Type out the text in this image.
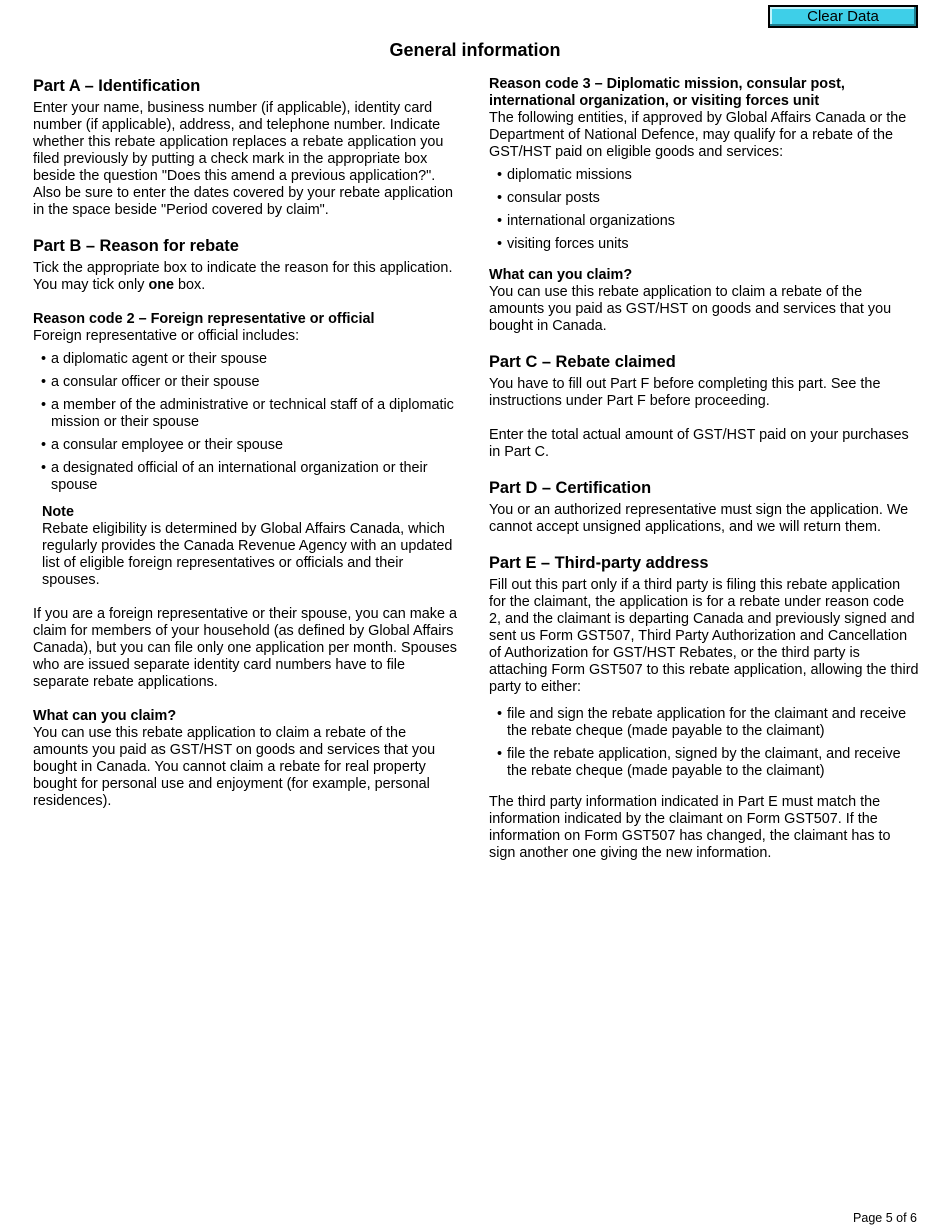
Clear Data
General information
Part A – Identification

Enter your name, business number (if applicable), identity card number (if applicable), address, and telephone number. Indicate whether this rebate application replaces a rebate application you filed previously by putting a check mark in the appropriate box beside the question "Does this amend a previous application?". Also be sure to enter the dates covered by your rebate application in the space beside "Period covered by claim".

Part B – Reason for rebate

Tick the appropriate box to indicate the reason for this application. You may tick only one box.

Reason code 2 – Foreign representative or official

Foreign representative or official includes:

• a diplomatic agent or their spouse
• a consular officer or their spouse
• a member of the administrative or technical staff of a diplomatic mission or their spouse
• a consular employee or their spouse
• a designated official of an international organization or their spouse
Note

Rebate eligibility is determined by Global Affairs Canada, which regularly provides the Canada Revenue Agency with an updated list of eligible foreign representatives or officials and their spouses.

If you are a foreign representative or their spouse, you can make a claim for members of your household (as defined by Global Affairs Canada), but you can file only one application per month. Spouses who are issued separate identity card numbers have to file separate rebate applications.

What can you claim?

You can use this rebate application to claim a rebate of the amounts you paid as GST/HST on goods and services that you bought in Canada. You cannot claim a rebate for real property bought for personal use and enjoyment (for example, personal residences).

Reason code 3 – Diplomatic mission, consular post, international organization, or visiting forces unit

The following entities, if approved by Global Affairs Canada or the Department of National Defence, may qualify for a rebate of the GST/HST paid on eligible goods and services:

• diplomatic missions
• consular posts
• international organizations
• visiting forces units
What can you claim?

You can use this rebate application to claim a rebate of the amounts you paid as GST/HST on goods and services that you bought in Canada.

Part C – Rebate claimed

You have to fill out Part F before completing this part. See the instructions under Part F before proceeding.

Enter the total actual amount of GST/HST paid on your purchases in Part C.

Part D – Certification

You or an authorized representative must sign the application. We cannot accept unsigned applications, and we will return them.

Part E – Third-party address

Fill out this part only if a third party is filing this rebate application for the claimant, the application is for a rebate under reason code 2, and the claimant is departing Canada and previously signed and sent us Form GST507, Third Party Authorization and Cancellation of Authorization for GST/HST Rebates, or the third party is attaching Form GST507 to this rebate application, allowing the third party to either:

• file and sign the rebate application for the claimant and receive the rebate cheque (made payable to the claimant)
• file the rebate application, signed by the claimant, and receive the rebate cheque (made payable to the claimant)

The third party information indicated in Part E must match the information indicated by the claimant on Form GST507. If the information on Form GST507 has changed, the claimant has to sign another one giving the new information.

Page 5 of 6
